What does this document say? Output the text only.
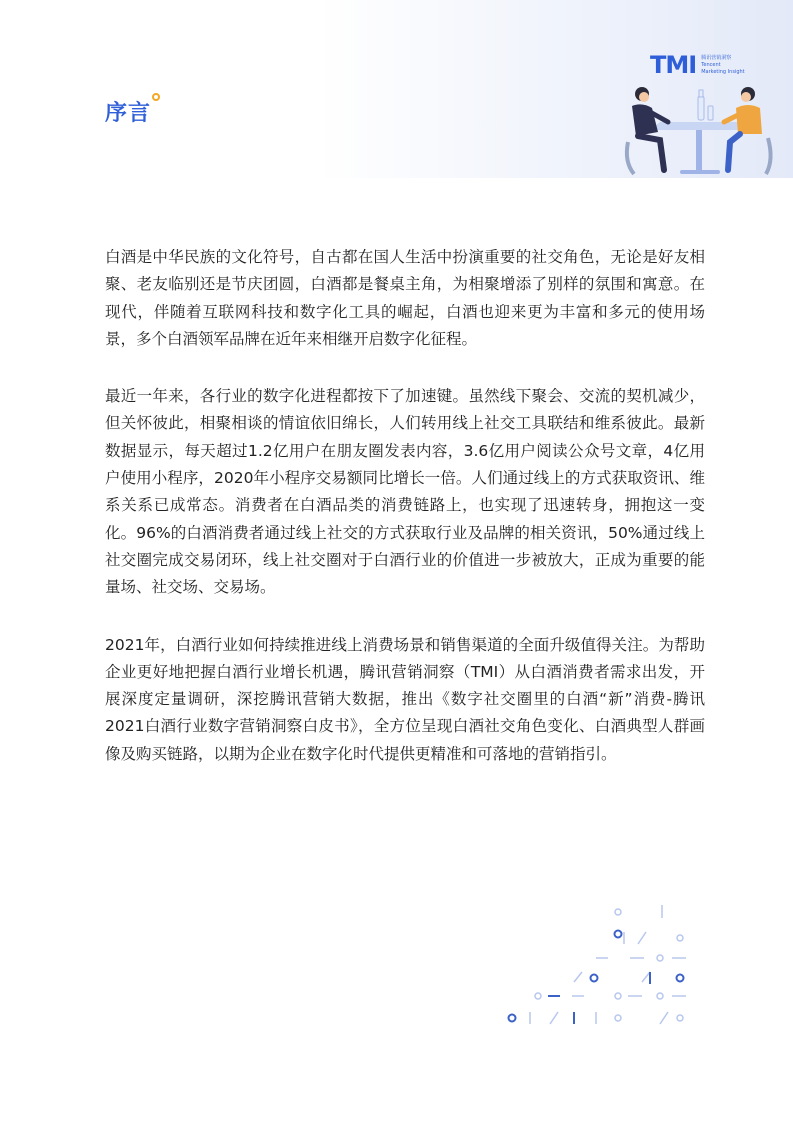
序言
TMI 腾讯营销洞察
Tencent
Marketing Insight

白酒是中华民族的文化符号，自古都在国人生活中扮演重要的社交角色，无论是好友相聚、老友临别还是节庆团圆，白酒都是餐桌主角，为相聚增添了别样的氛围和寓意。在现代，伴随着互联网科技和数字化工具的崛起，白酒也迎来更为丰富和多元的使用场景，多个白酒领军品牌在近年来相继开启数字化征程。

最近一年来，各行业的数字化进程都按下了加速键。虽然线下聚会、交流的契机减少，但关怀彼此，相聚相谈的情谊依旧绵长，人们转用线上社交工具联结和维系彼此。最新数据显示，每天超过1.2亿用户在朋友圈发表内容，3.6亿用户阅读公众号文章，4亿用户使用小程序，2020年小程序交易额同比增长一倍。人们通过线上的方式获取资讯、维系关系已成常态。消费者在白酒品类的消费链路上，也实现了迅速转身，拥抱这一变化。96%的白酒消费者通过线上社交的方式获取行业及品牌的相关资讯，50%通过线上社交圈完成交易闭环，线上社交圈对于白酒行业的价值进一步被放大，正成为重要的能量场、社交场、交易场。

2021年，白酒行业如何持续推进线上消费场景和销售渠道的全面升级值得关注。为帮助企业更好地把握白酒行业增长机遇，腾讯营销洞察（TMI）从白酒消费者需求出发，开展深度定量调研，深挖腾讯营销大数据，推出《数字社交圈里的白酒“新”消费-腾讯2021白酒行业数字营销洞察白皮书》，全方位呈现白酒社交角色变化、白酒典型人群画像及购买链路，以期为企业在数字化时代提供更精准和可落地的营销指引。
